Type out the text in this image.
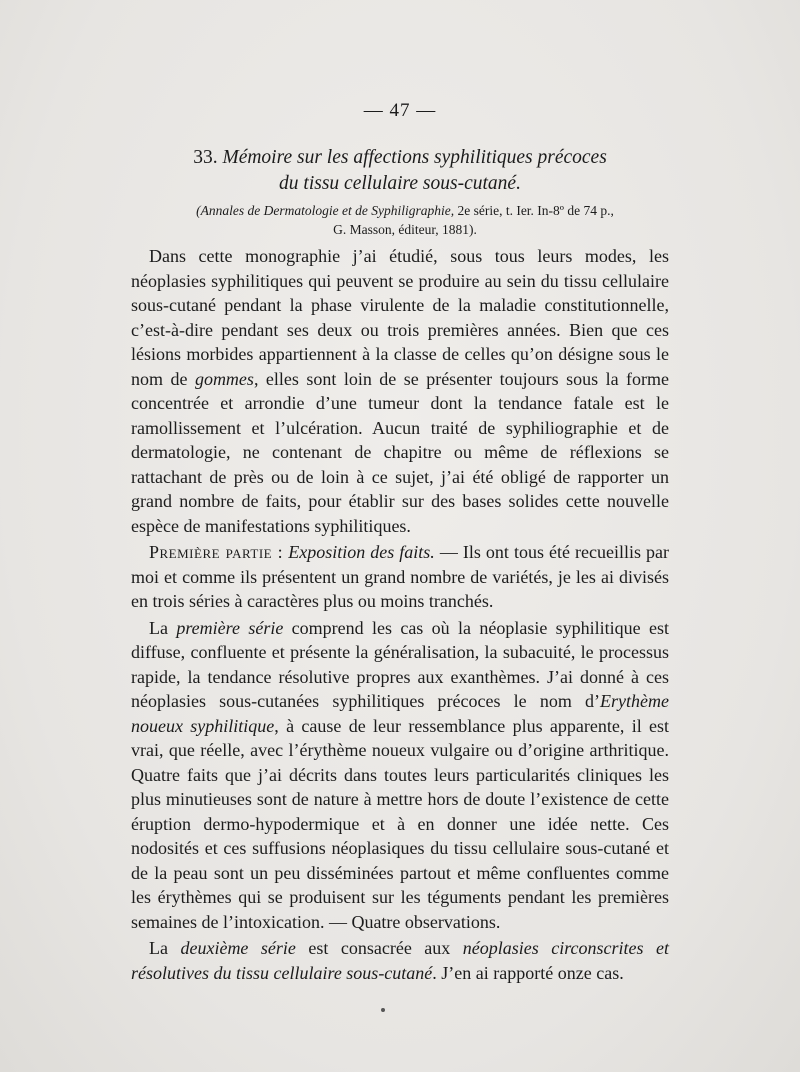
— 47 —
33. Mémoire sur les affections syphilitiques précoces
du tissu cellulaire sous-cutané.
(Annales de Dermatologie et de Syphiligraphie, 2e série, t. Ier. In-8º de 74 p.,
G. Masson, éditeur, 1881).

Dans cette monographie j’ai étudié, sous tous leurs modes, les néoplasies syphilitiques qui peuvent se produire au sein du tissu cellulaire sous-cutané pendant la phase virulente de la maladie constitutionnelle, c’est-à-dire pendant ses deux ou trois premières années. Bien que ces lésions morbides appartiennent à la classe de celles qu’on désigne sous le nom de gommes, elles sont loin de se présenter toujours sous la forme concentrée et arrondie d’une tumeur dont la tendance fatale est le ramollissement et l’ulcération. Aucun traité de syphiliographie et de dermatologie, ne contenant de chapitre ou même de réflexions se rattachant de près ou de loin à ce sujet, j’ai été obligé de rapporter un grand nombre de faits, pour établir sur des bases solides cette nouvelle espèce de manifestations syphilitiques.

Première partie : Exposition des faits. — Ils ont tous été recueillis par moi et comme ils présentent un grand nombre de variétés, je les ai divisés en trois séries à caractères plus ou moins tranchés.

La première série comprend les cas où la néoplasie syphilitique est diffuse, confluente et présente la généralisation, la subacuité, le processus rapide, la tendance résolutive propres aux exanthèmes. J’ai donné à ces néoplasies sous-cutanées syphilitiques précoces le nom d’Erythème noueux syphilitique, à cause de leur ressemblance plus apparente, il est vrai, que réelle, avec l’érythème noueux vulgaire ou d’origine arthritique. Quatre faits que j’ai décrits dans toutes leurs particularités cliniques les plus minutieuses sont de nature à mettre hors de doute l’existence de cette éruption dermo-hypodermique et à en donner une idée nette. Ces nodosités et ces suffusions néoplasiques du tissu cellulaire sous-cutané et de la peau sont un peu disséminées partout et même confluentes comme les érythèmes qui se produisent sur les téguments pendant les premières semaines de l’intoxication. — Quatre observations.

La deuxième série est consacrée aux néoplasies circonscrites et résolutives du tissu cellulaire sous-cutané. J’en ai rapporté onze cas.
